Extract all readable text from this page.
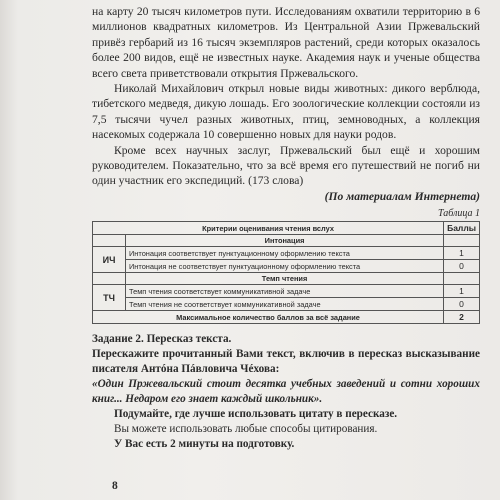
на карту 20 тысяч километров пути. Исследованиям охватили территорию в 6 миллионов квадратных километров. Из Центральной Азии Пржевальский привёз гербарий из 16 тысяч экземпляров растений, среди которых оказалось более 200 видов, ещё не известных науке. Академия наук и ученые общества всего света приветствовали открытия Пржевальского.

Николай Михайлович открыл новые виды животных: дикого верблюда, тибетского медведя, дикую лошадь. Его зоологические коллекции состояли из 7,5 тысячи чучел разных животных, птиц, земноводных, а коллекция насекомых содержала 10 совершенно новых для науки родов.

Кроме всех научных заслуг, Пржевальский был ещё и хорошим руководителем. Показательно, что за всё время его путешествий не погиб ни один участник его экспедиций. (173 слова)

(По материалам Интернета)

Таблица 1
Критерии оценивания чтения вслух		Баллы
	Интонация	
ИЧ	Интонация соответствует пунктуационному оформлению текста	1
	Интонация не соответствует пунктуационному оформлению текста	0
	Темп чтения	
ТЧ	Темп чтения соответствует коммуникативной задаче	1
	Темп чтения не соответствует коммуникативной задаче	0
Максимальное количество баллов за всё задание		2

Задание 2. Пересказ текста.

Перескажите прочитанный Вами текст, включив в пересказ высказывание писателя Антóна Пáвловича Чéхова:

«Один Пржевальский стоит десятка учебных заведений и сотни хороших книг... Недаром его знает каждый школьник».

Подумайте, где лучше использовать цитату в пересказе.

Вы можете использовать любые способы цитирования.

У Вас есть 2 минуты на подготовку.

8
